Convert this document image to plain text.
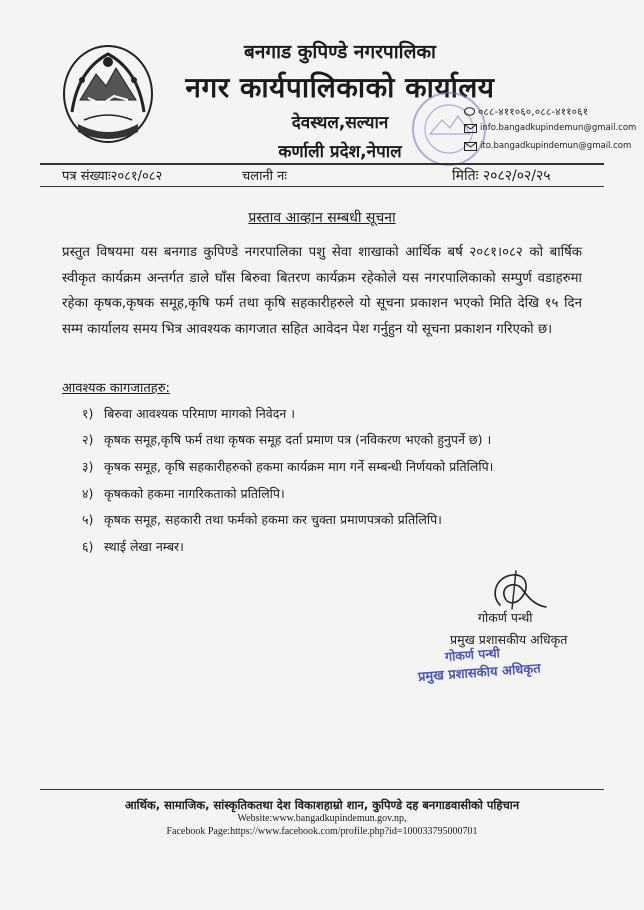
बनगाड कुपिण्डे नगरपालिका
नगर कार्यपालिकाको कार्यालय
देवस्थल,सल्यान
कर्णाली प्रदेश,नेपाल
०८८-४११०६०,०८८-४११०६१
info.bangadkupindemun@gmail.com
ito.bangadkupindemun@gmail.com
पत्र संख्याः२०८१/०८२	चलानी नः	मितिः २०८२/०२/२५
प्रस्ताव आव्हान सम्बधी सूचना
प्रस्तुत विषयमा यस बनगाड कुपिण्डे नगरपालिका पशु सेवा शाखाको आर्थिक बर्ष २०८१।०८२ को बार्षिक स्वीकृत कार्यक्रम अन्तर्गत डाले घाँस बिरुवा बितरण कार्यक्रम रहेकोले यस नगरपालिकाको सम्पुर्ण वडाहरुमा रहेका कृषक,कृषक समूह,कृषि फर्म तथा कृषि सहकारीहरुले यो सूचना प्रकाशन भएको मिति देखि १५ दिन सम्म कार्यालय समय भित्र आवश्यक कागजात सहित आवेदन पेश गर्नुहुन यो सूचना प्रकाशन गरिएको छ।
आवश्यक कागजातहरु:
१) बिरुवा आवश्यक परिमाण मागको निवेदन ।
२) कृषक समूह,कृषि फर्म तथा कृषक समूह दर्ता प्रमाण पत्र (नविकरण भएको हुनुपर्ने छ) ।
३) कृषक समूह, कृषि सहकारीहरुको हकमा कार्यक्रम माग गर्ने सम्बन्धी निर्णयको प्रतिलिपि।
४) कृषकको हकमा नागरिकताको प्रतिलिपि।
५) कृषक समूह, सहकारी तथा फर्मको हकमा कर चुक्ता प्रमाणपत्रको प्रतिलिपि।
६) स्थाई लेखा नम्बर।
गोकर्ण पन्थी
प्रमुख प्रशासकीय अधिकृत
गोकर्ण पन्थी
प्रमुख प्रशासकीय अधिकृत
आर्थिक, सामाजिक, सांस्कृतिकतथा देश विकाशहाम्रो शान, कुपिण्डे दह बनगाडवासीको पहिचान
Website:www.bangadkupindemun.gov.np,
Facebook Page:https://www.facebook.com/profile.php?id=100033795000701
